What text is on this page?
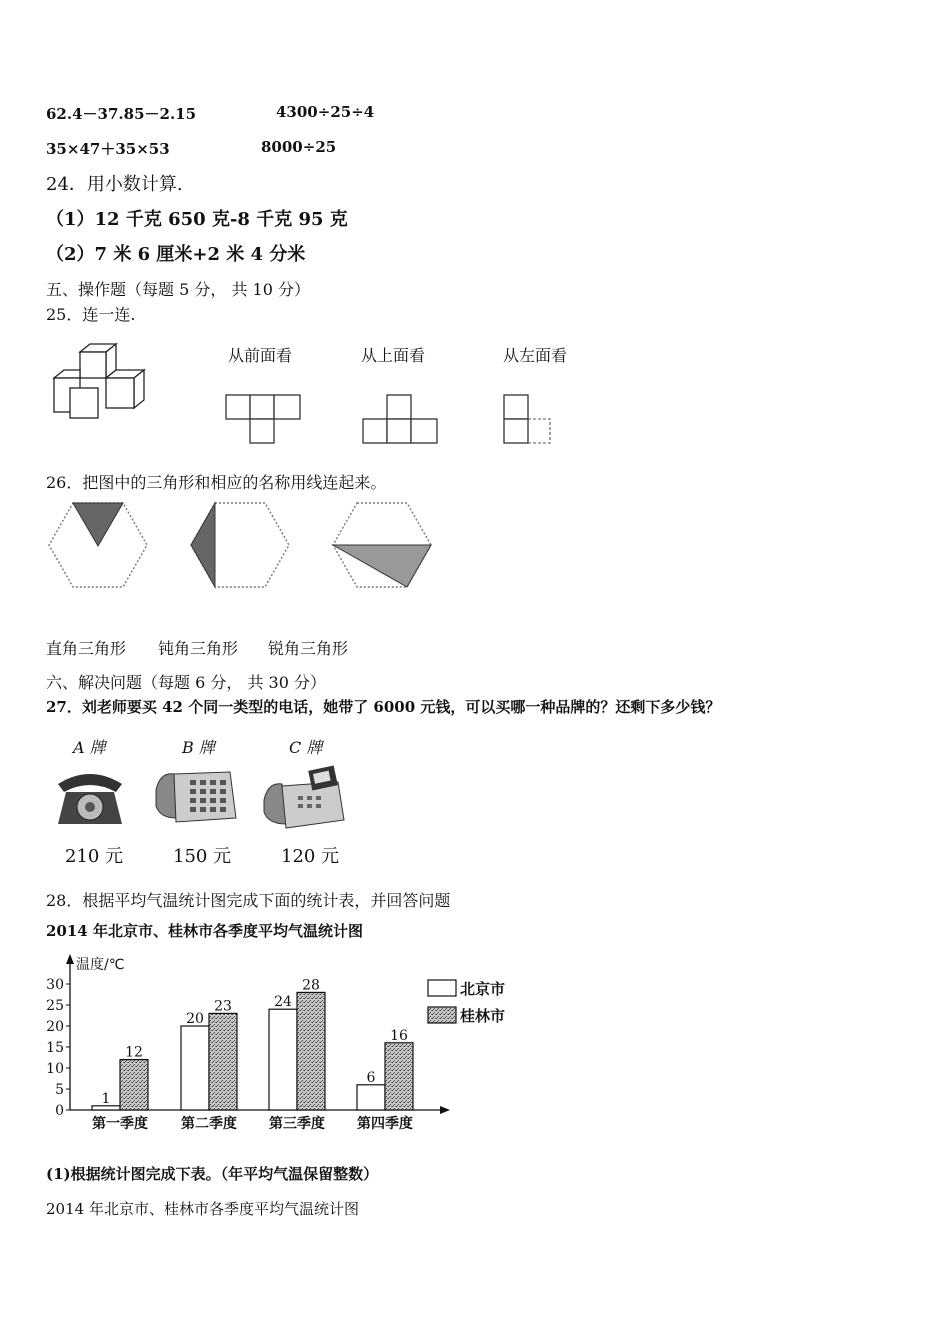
62.4－37.85－2.15	4300÷25÷4
35×47＋35×53	8000÷25
24．用小数计算.
（1）12 千克 650 克-8 千克 95 克
（2）7 米 6 厘米+2 米 4 分米
五、操作题（每题 5 分， 共 10 分）
25．连一连.
从前面看	从上面看	从左面看
26．把图中的三角形和相应的名称用线连起来。
直角三角形 钝角三角形 锐角三角形
六、解决问题（每题 6 分， 共 30 分）
27．刘老师要买 42 个同一类型的电话，她带了 6000 元钱，可以买哪一种品牌的？还剩下多少钱？
A 牌	B 牌	C 牌
210 元	150 元	120 元
28．根据平均气温统计图完成下面的统计表，并回答问题
2014 年北京市、桂林市各季度平均气温统计图
温度/℃
0
5
10
15
20
25
30
1
12
第一季度
20
23
第二季度
24
28
第三季度
6
16
第四季度
北京市
桂林市
(1)根据统计图完成下表。（年平均气温保留整数）
2014 年北京市、桂林市各季度平均气温统计图
